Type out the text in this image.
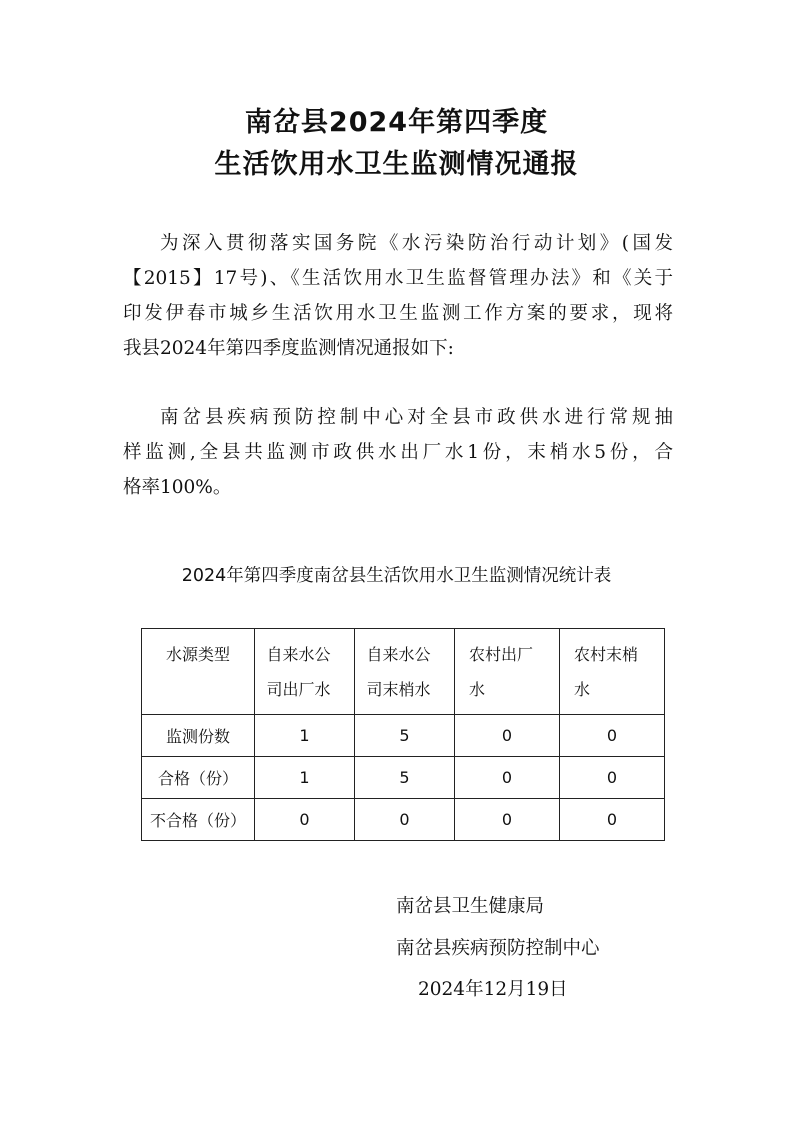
南岔县2024年第四季度
生活饮用水卫生监测情况通报
为深入贯彻落实国务院《水污染防治行动计划》(国发
【2015】17号)、《生活饮用水卫生监督管理办法》和《关于
印发伊春市城乡生活饮用水卫生监测工作方案的要求，现将
我县2024年第四季度监测情况通报如下:
南岔县疾病预防控制中心对全县市政供水进行常规抽
样监测,全县共监测市政供水出厂水1份，末梢水5份，合
格率100%。
2024年第四季度南岔县生活饮用水卫生监测情况统计表
水源类型	自来水公司出厂水	自来水公司末梢水	农村出厂水	农村末梢水
监测份数	1	5	0	0
合格（份）	1	5	0	0
不合格（份）	0	0	0	0
南岔县卫生健康局
南岔县疾病预防控制中心
2024年12月19日
